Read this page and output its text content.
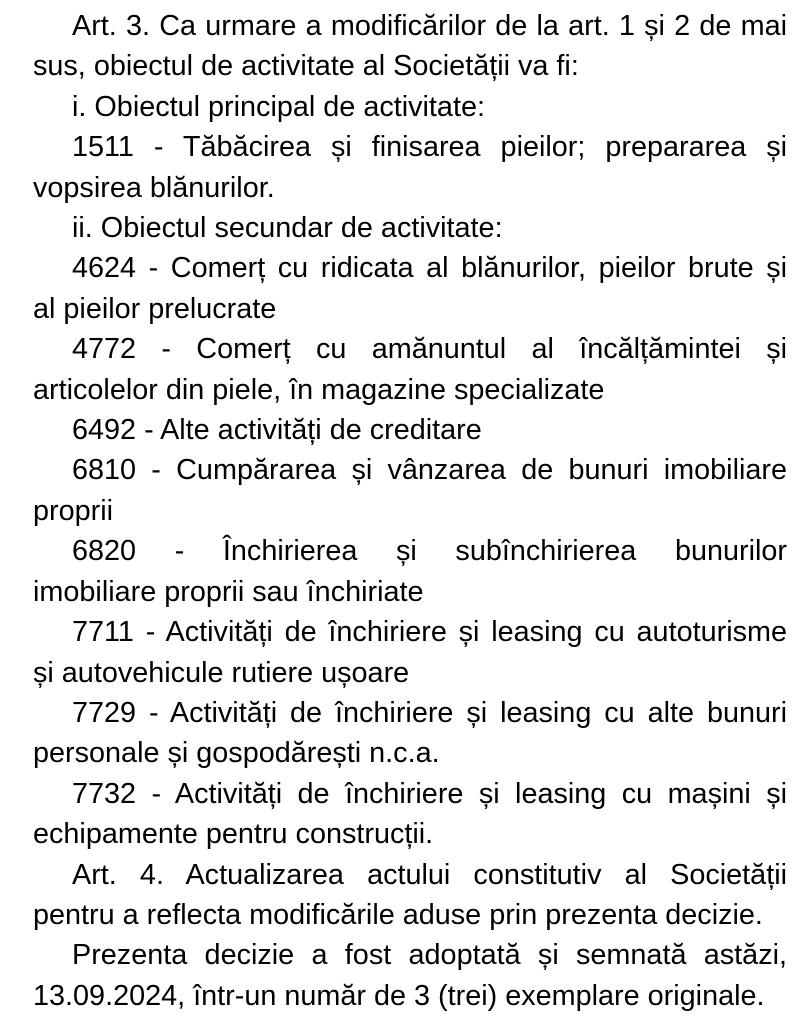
Art. 3. Ca urmare a modificărilor de la art. 1 și 2 de mai
sus, obiectul de activitate al Societății va fi:
i. Obiectul principal de activitate:
1511 - Tăbăcirea și finisarea pieilor; prepararea și
vopsirea blănurilor.
ii. Obiectul secundar de activitate:
4624 - Comerț cu ridicata al blănurilor, pieilor brute și
al pieilor prelucrate
4772 - Comerț cu amănuntul al încălțămintei și
articolelor din piele, în magazine specializate
6492 - Alte activități de creditare
6810 - Cumpărarea și vânzarea de bunuri imobiliare
proprii
6820 - Închirierea și subînchirierea bunurilor
imobiliare proprii sau închiriate
7711 - Activități de închiriere și leasing cu autoturisme
și autovehicule rutiere ușoare
7729 - Activități de închiriere și leasing cu alte bunuri
personale și gospodărești n.c.a.
7732 - Activități de închiriere și leasing cu mașini și
echipamente pentru construcții.
Art. 4. Actualizarea actului constitutiv al Societății
pentru a reflecta modificările aduse prin prezenta decizie.
Prezenta decizie a fost adoptată și semnată astăzi,
13.09.2024, într-un număr de 3 (trei) exemplare originale.
